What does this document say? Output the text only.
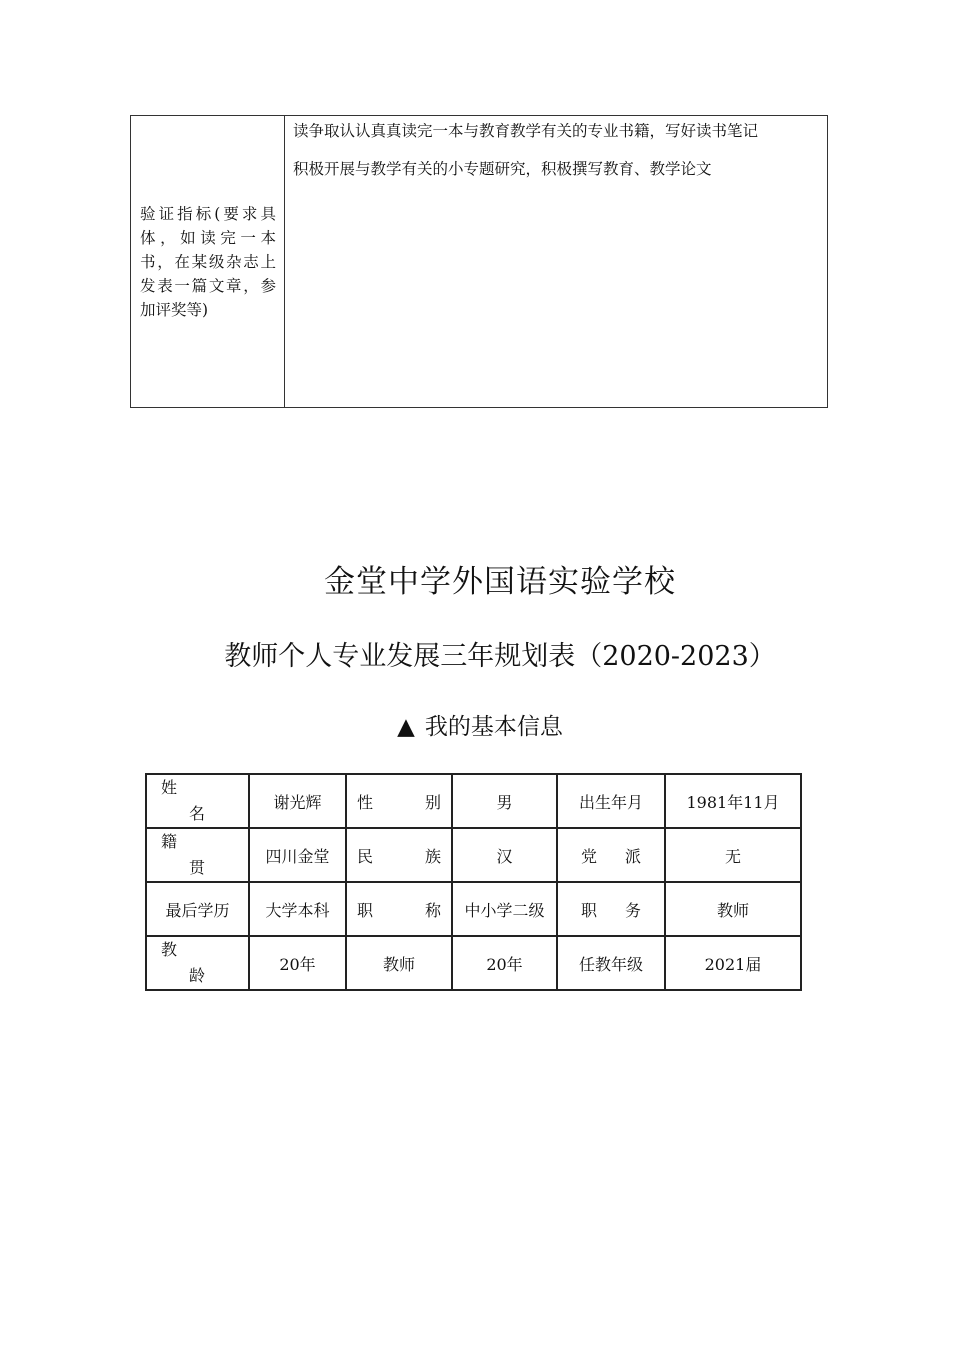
验证指标(要求具体，如读完一本书，在某级杂志上发表一篇文章，参加评奖等)
读争取认认真真读完一本与教育教学有关的专业书籍，写好读书笔记
积极开展与教学有关的小专题研究，积极撰写教育、教学论文
金堂中学外国语实验学校
教师个人专业发展三年规划表（2020-2023）
▲ 我的基本信息
姓
名	谢光辉	性 别	男	出生年月	1981年11月

籍
贯	四川金堂	民 族	汉	党 派	无
最后学历	大学本科	职 称	中小学二级	职 务	教师

教
龄	20年	教师	20年	任教年级	2021届
